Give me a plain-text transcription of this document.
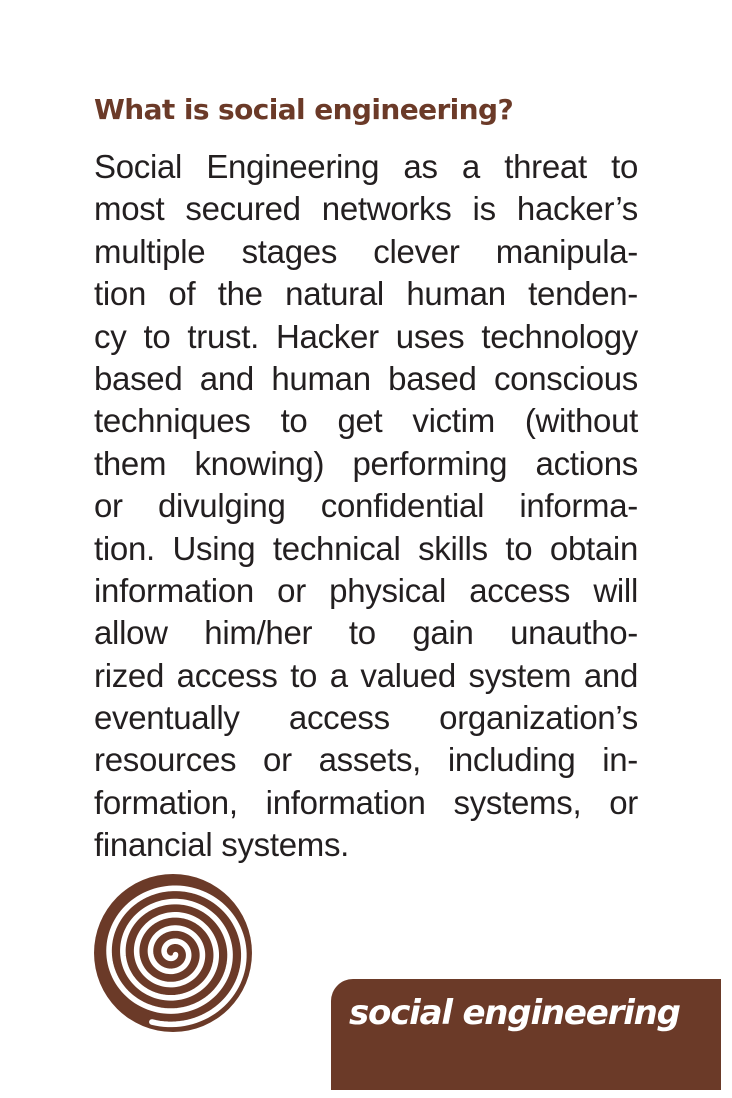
What is social engineering?
Social Engineering as a threat to
most secured networks is hacker’s
multiple stages clever manipula-
tion of the natural human tenden-
cy to trust. Hacker uses technology
based and human based conscious
techniques to get victim (without
them knowing) performing actions
or divulging confidential informa-
tion. Using technical skills to obtain
information or physical access will
allow him/her to gain unautho-
rized access to a valued system and
eventually access organization’s
resources or assets, including in-
formation, information systems, or
financial systems.
social engineering
